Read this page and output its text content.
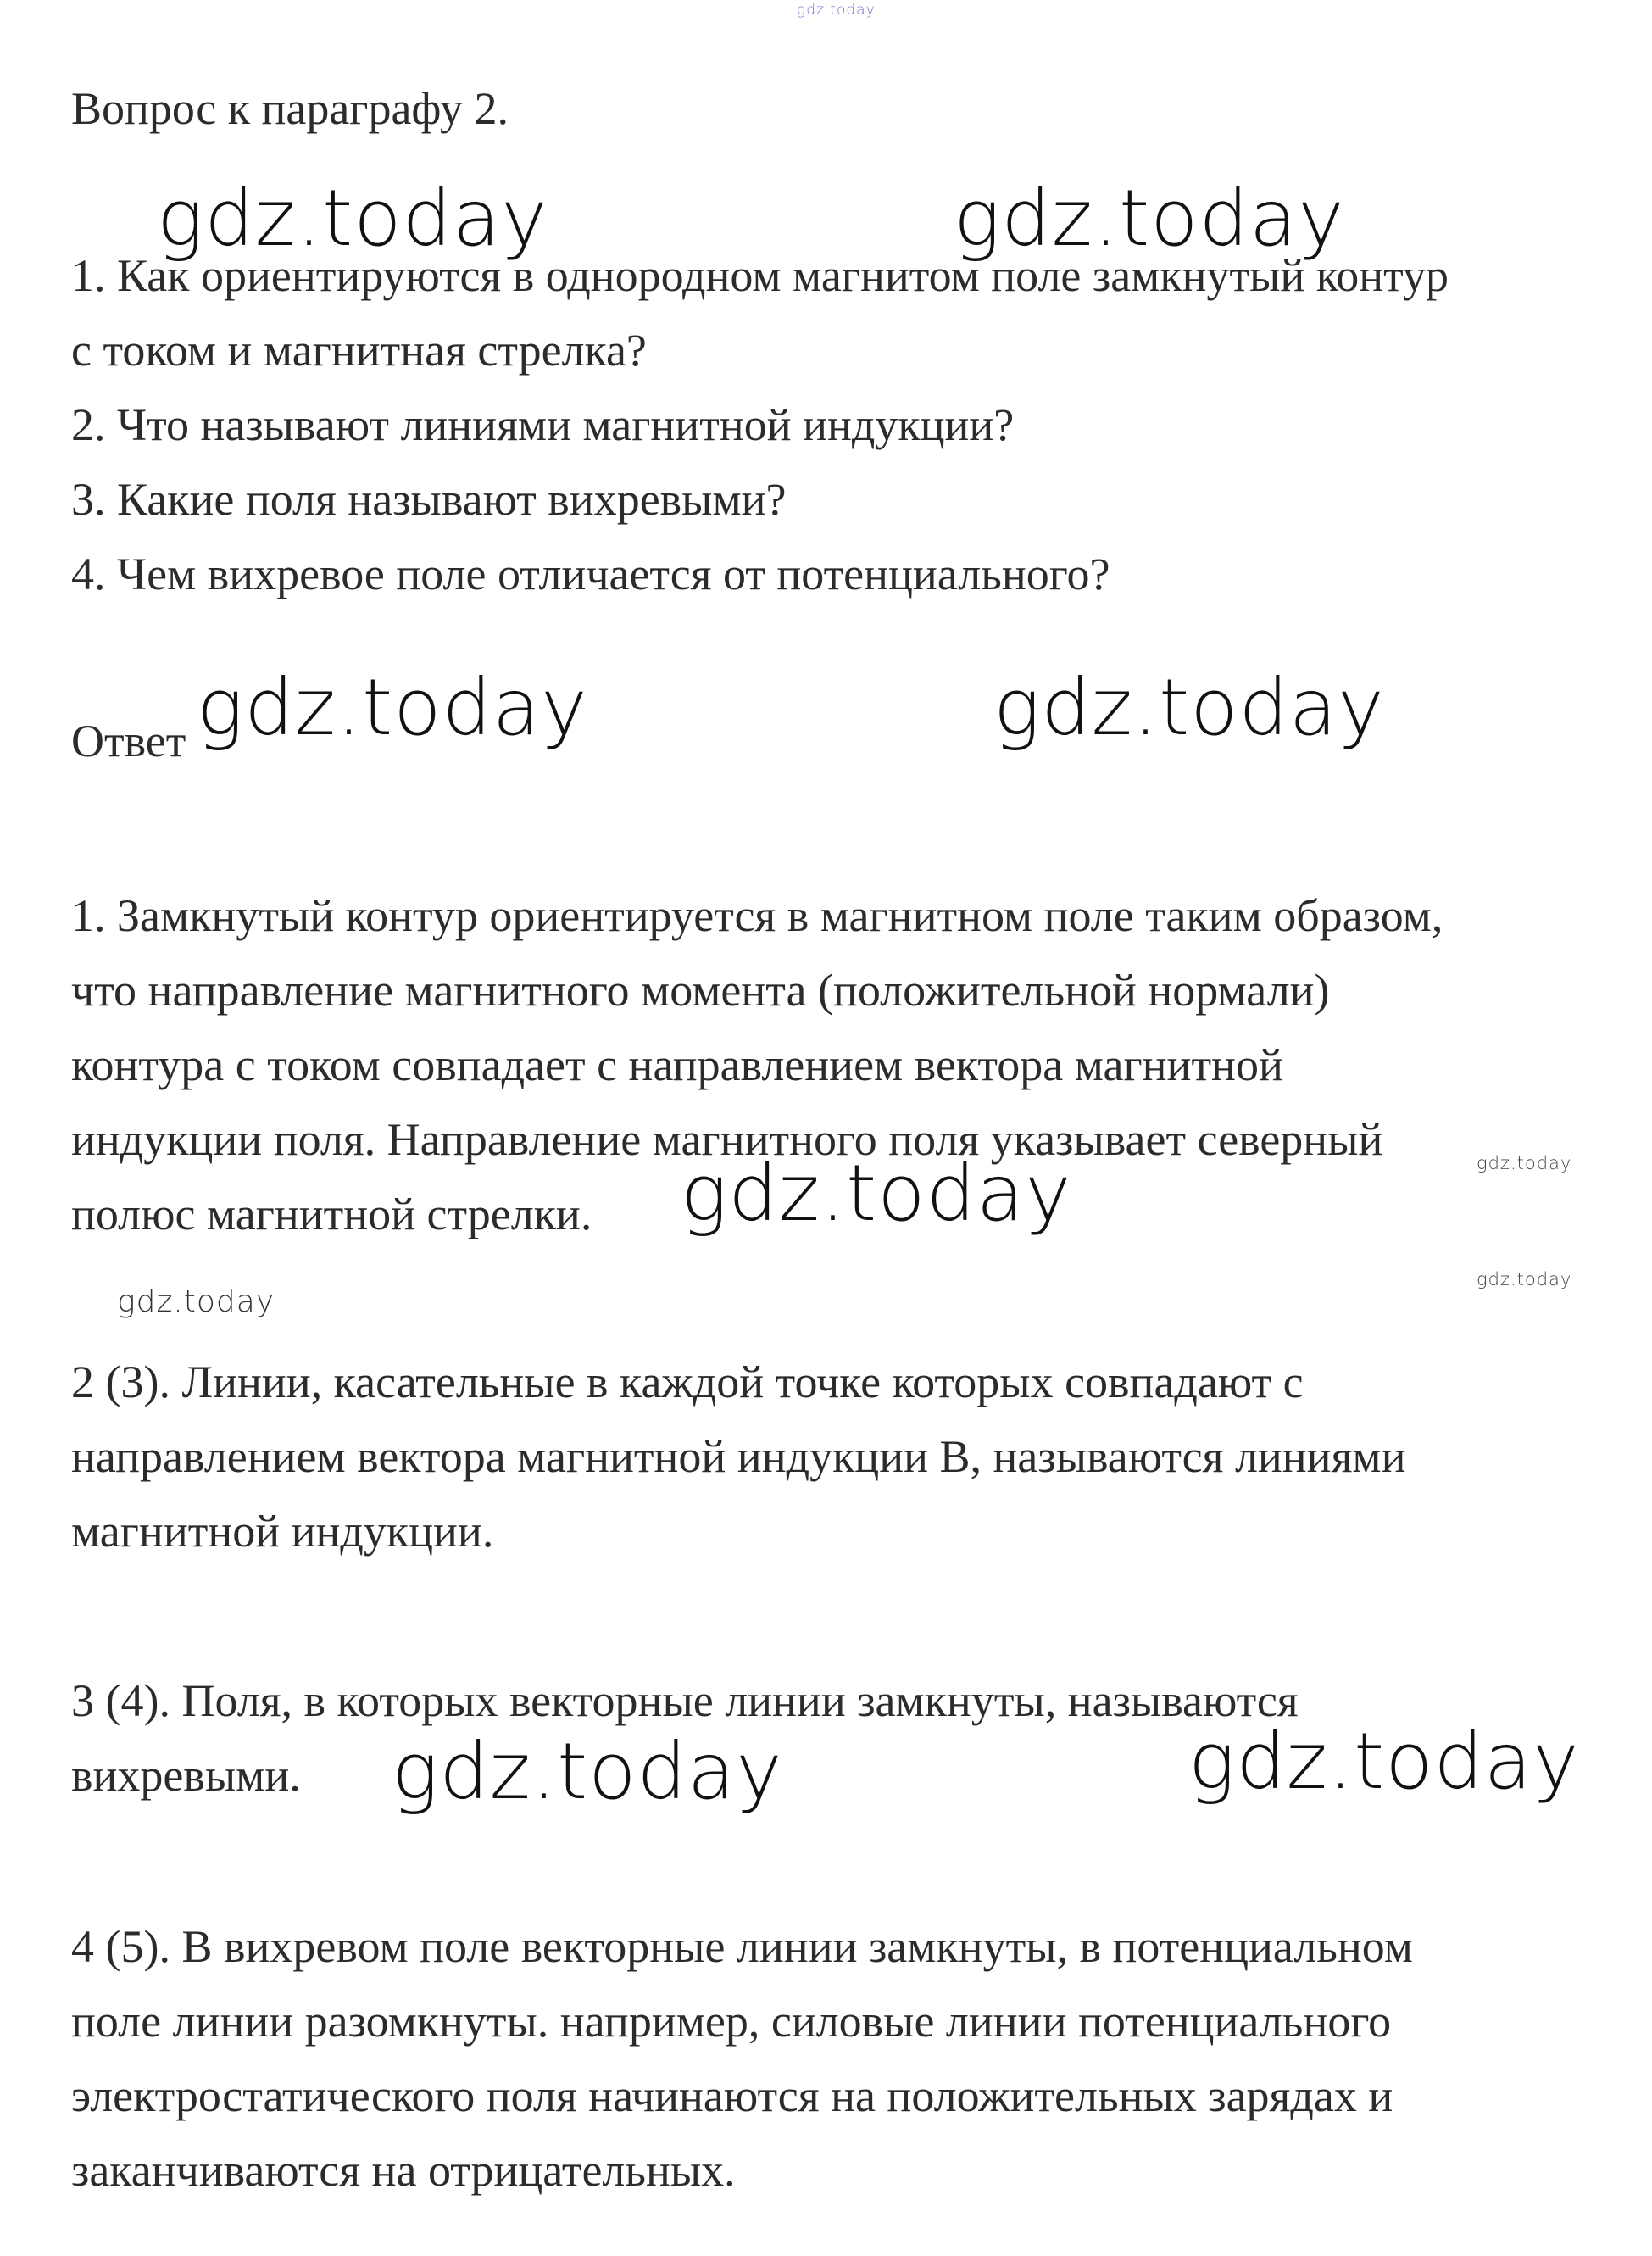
gdz.today

Вопрос к параграфу 2.

gdz.today	gdz.today
1. Как ориентируются в однородном магнитом поле замкнутый контур
с током и магнитная стрелка?
2. Что называют линиями магнитной индукции?
3. Какие поля называют вихревыми?
4. Чем вихревое поле отличается от потенциального?

Ответ gdz.today	gdz.today
1. Замкнутый контур ориентируется в магнитном поле таким образом,
что направление магнитного момента (положительной нормали)
контура с током совпадает с направлением вектора магнитной
индукции поля. Направление магнитного поля указывает северный
полюс магнитной стрелки.
gdz.today
gdz.today
gdz.today
gdz.today
2 (3). Линии, касательные в каждой точке которых совпадают с
направлением вектора магнитной индукции В, называются линиями
магнитной индукции.
3 (4). Поля, в которых векторные линии замкнуты, называются
вихревыми.	gdz.today	gdz.today
4 (5). В вихревом поле векторные линии замкнуты, в потенциальном
поле линии разомкнуты. например, силовые линии потенциального
электростатического поля начинаются на положительных зарядах и
заканчиваются на отрицательных.
